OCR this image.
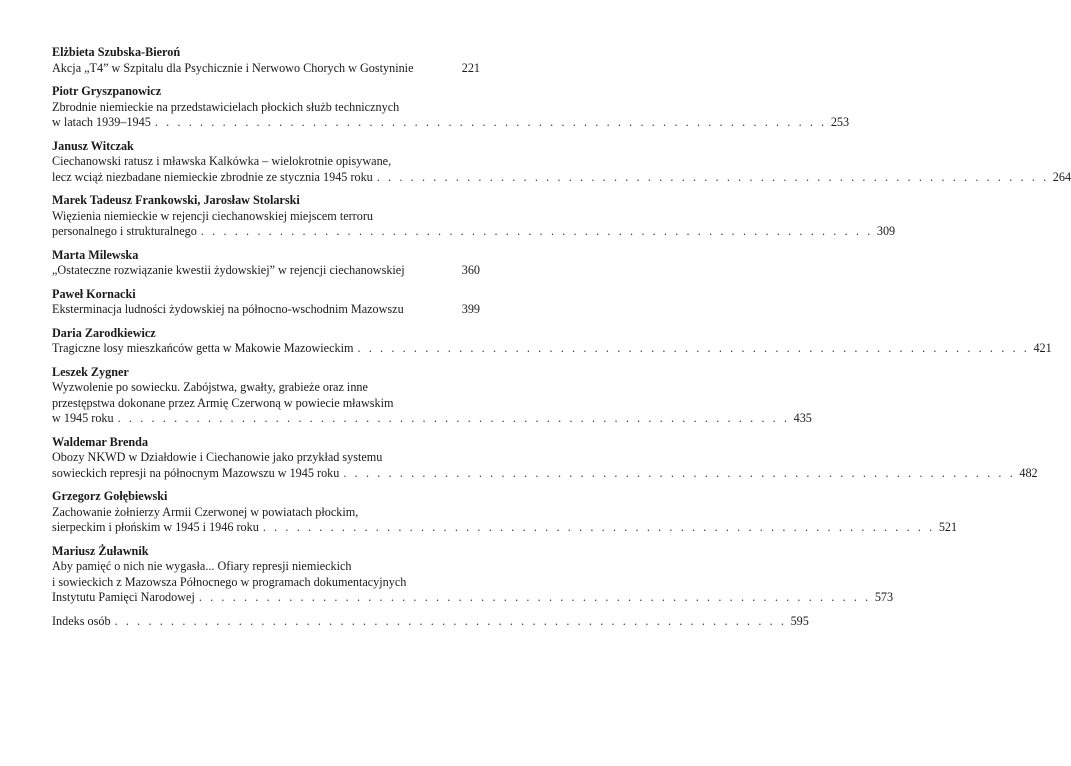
Elżbieta Szubska-Bieroń
Akcja „T4” w Szpitalu dla Psychicznie i Nerwowo Chorych w Gostyninie	221
Piotr Gryszpanowicz
Zbrodnie niemieckie na przedstawicielach płockich służb technicznych
w latach 1939–1945 . . . . . . . . . . . . . . . . . . . . . . . . . . . . . . . . . . . . . . . . . . . . . . . . . . . . . . . . . . . . 253
Janusz Witczak
Ciechanowski ratusz i mławska Kalkówka – wielokrotnie opisywane,
lecz wciąż niezbadane niemieckie zbrodnie ze stycznia 1945 roku . . . . . . . . . . . . . . . . . . . . . . . . . . . . . . . . . . . . . . . . . . . . . . . . . . . . . . . . . . . . 264
Marek Tadeusz Frankowski, Jarosław Stolarski
Więzienia niemieckie w rejencji ciechanowskiej miejscem terroru
personalnego i strukturalnego . . . . . . . . . . . . . . . . . . . . . . . . . . . . . . . . . . . . . . . . . . . . . . . . . . . . . . . . . . . . 309
Marta Milewska
„Ostateczne rozwiązanie kwestii żydowskiej” w rejencji ciechanowskiej	360
Paweł Kornacki
Eksterminacja ludności żydowskiej na północno-wschodnim Mazowszu	399
Daria Zarodkiewicz
Tragiczne losy mieszkańców getta w Makowie Mazowieckim . . . . . . . . . . . . . . . . . . . . . . . . . . . . . . . . . . . . . . . . . . . . . . . . . . . . . . . . . . . . 421
Leszek Zygner
Wyzwolenie po sowiecku. Zabójstwa, gwałty, grabieże oraz inne
przestępstwa dokonane przez Armię Czerwoną w powiecie mławskim
w 1945 roku . . . . . . . . . . . . . . . . . . . . . . . . . . . . . . . . . . . . . . . . . . . . . . . . . . . . . . . . . . . . 435
Waldemar Brenda
Obozy NKWD w Działdowie i Ciechanowie jako przykład systemu
sowieckich represji na północnym Mazowszu w 1945 roku . . . . . . . . . . . . . . . . . . . . . . . . . . . . . . . . . . . . . . . . . . . . . . . . . . . . . . . . . . . . 482
Grzegorz Gołębiewski
Zachowanie żołnierzy Armii Czerwonej w powiatach płockim,
sierpeckim i płońskim w 1945 i 1946 roku . . . . . . . . . . . . . . . . . . . . . . . . . . . . . . . . . . . . . . . . . . . . . . . . . . . . . . . . . . . . 521
Mariusz Żuławnik
Aby pamięć o nich nie wygasła... Ofiary represji niemieckich
i sowieckich z Mazowsza Północnego w programach dokumentacyjnych
Instytutu Pamięci Narodowej . . . . . . . . . . . . . . . . . . . . . . . . . . . . . . . . . . . . . . . . . . . . . . . . . . . . . . . . . . . . 573
Indeks osób . . . . . . . . . . . . . . . . . . . . . . . . . . . . . . . . . . . . . . . . . . . . . . . . . . . . . . . . . . . . 595
